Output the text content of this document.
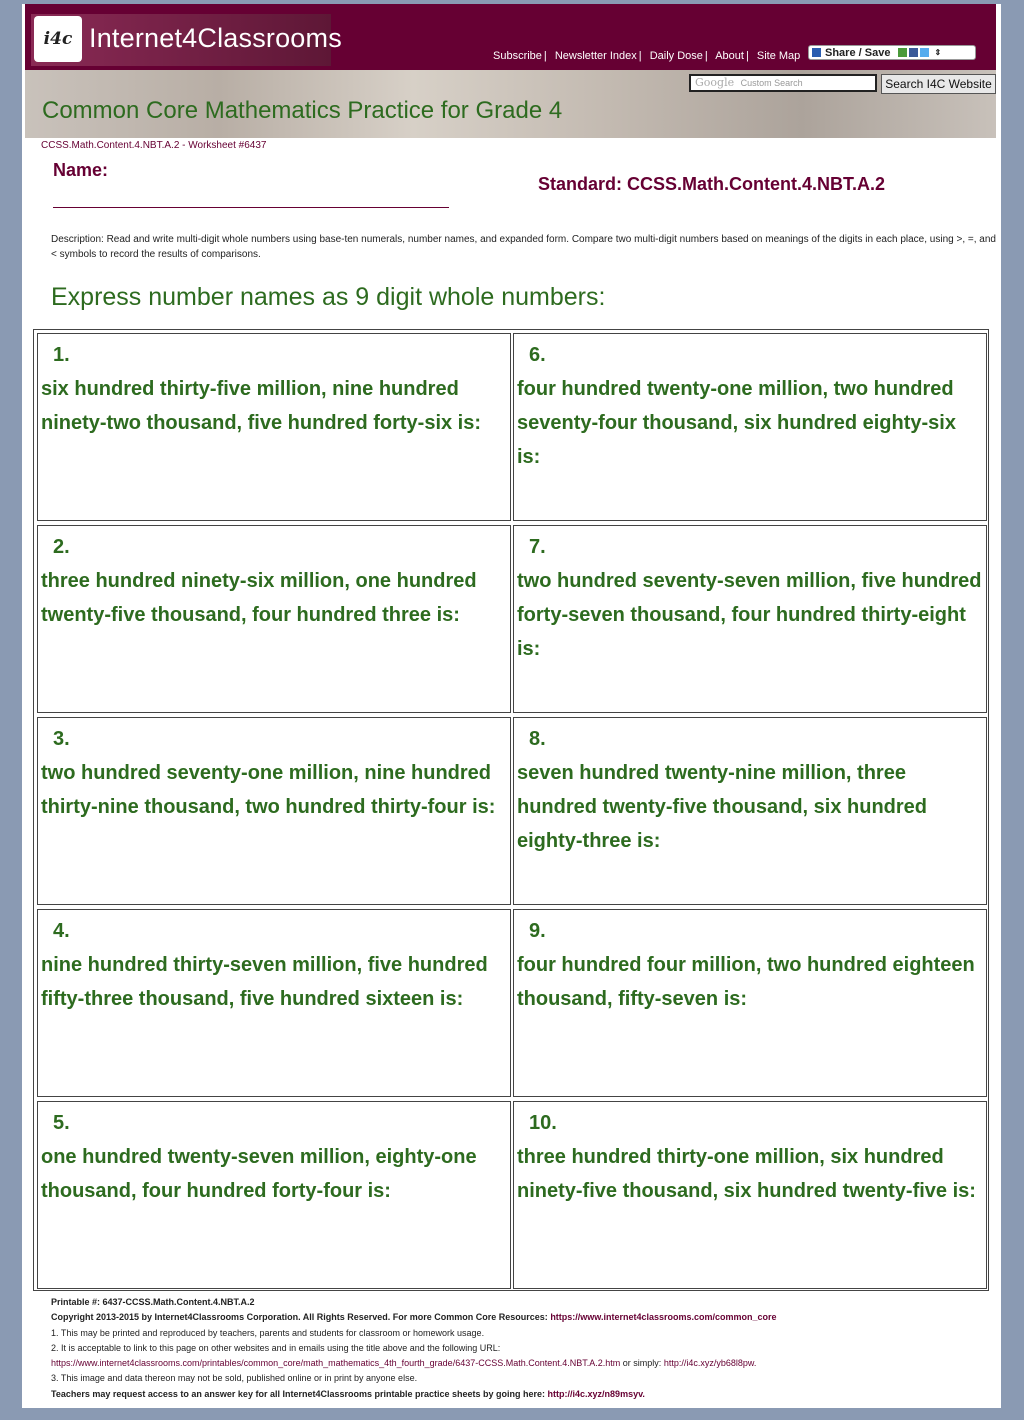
i4c Internet4Classrooms
Subscribe | Newsletter Index | Daily Dose | About | Site Map Share / Save	⇕
Google Custom Search	Search I4C Website
Common Core Mathematics Practice for Grade 4
CCSS.Math.Content.4.NBT.A.2 - Worksheet #6437
Name:
Standard: CCSS.Math.Content.4.NBT.A.2
Description: Read and write multi-digit whole numbers using base-ten numerals, number names, and expanded form. Compare two multi-digit numbers based on meanings of the digits in each place, using >, =, and < symbols to record the results of comparisons.
Express number names as 9 digit whole numbers:
1.
six hundred thirty-five million, nine hundred ninety-two thousand, five hundred forty-six is:
2.
three hundred ninety-six million, one hundred twenty-five thousand, four hundred three is:
3.
two hundred seventy-one million, nine hundred thirty-nine thousand, two hundred thirty-four is:
4.
nine hundred thirty-seven million, five hundred fifty-three thousand, five hundred sixteen is:
5.
one hundred twenty-seven million, eighty-one thousand, four hundred forty-four is:
6.
four hundred twenty-one million, two hundred seventy-four thousand, six hundred eighty-six is:
7.
two hundred seventy-seven million, five hundred forty-seven thousand, four hundred thirty-eight is:
8.
seven hundred twenty-nine million, three hundred twenty-five thousand, six hundred eighty-three is:
9.
four hundred four million, two hundred eighteen thousand, fifty-seven is:
10.
three hundred thirty-one million, six hundred ninety-five thousand, six hundred twenty-five is:
Printable #: 6437-CCSS.Math.Content.4.NBT.A.2
Copyright 2013-2015 by Internet4Classrooms Corporation. All Rights Reserved. For more Common Core Resources: https://www.internet4classrooms.com/common_core
1. This may be printed and reproduced by teachers, parents and students for classroom or homework usage.
2. It is acceptable to link to this page on other websites and in emails using the title above and the following URL:
https://www.internet4classrooms.com/printables/common_core/math_mathematics_4th_fourth_grade/6437-CCSS.Math.Content.4.NBT.A.2.htm or simply: http://i4c.xyz/yb68l8pw.
3. This image and data thereon may not be sold, published online or in print by anyone else.
Teachers may request access to an answer key for all Internet4Classrooms printable practice sheets by going here: http://i4c.xyz/n89msyv.
